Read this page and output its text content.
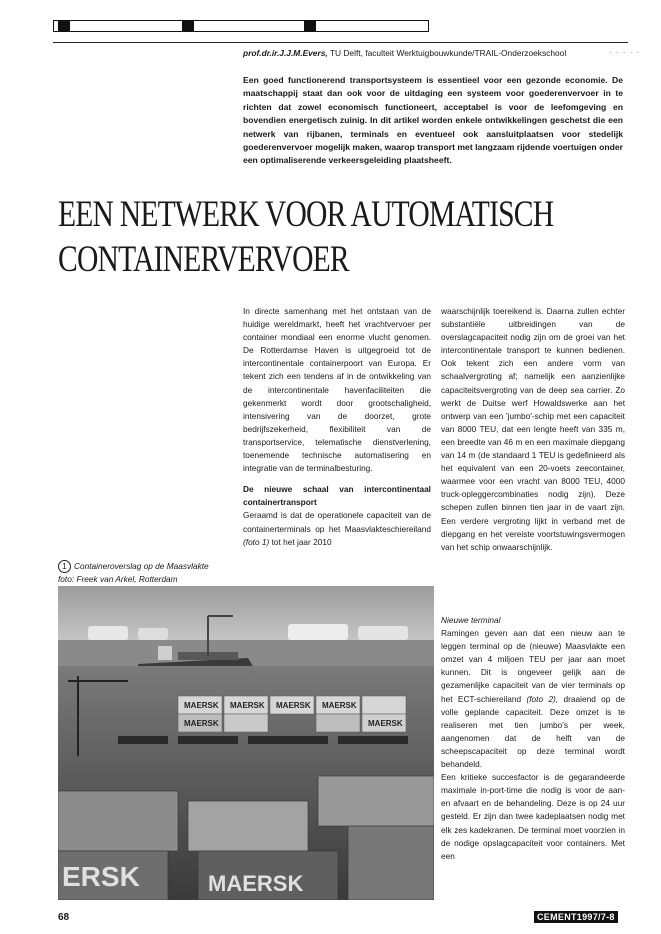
prof.dr.ir.J.J.M.Evers, TU Delft, faculteit Werktuigbouwkunde/TRAIL-Onderzoekschool	· · · · ·
Een goed functionerend transportsysteem is essentieel voor een gezonde economie. De maatschappij staat dan ook voor de uitdaging een systeem voor goederenvervoer in te richten dat zowel economisch functioneert, acceptabel is voor de leefomgeving en bovendien energetisch zuinig. In dit artikel worden enkele ontwikkelingen geschetst die een netwerk van rijbanen, terminals en eventueel ook aansluitplaatsen voor stedelijk goederenvervoer mogelijk maken, waarop transport met langzaam rijdende voertuigen onder een optimaliserende verkeersgeleiding plaatsheeft.
EEN NETWERK VOOR AUTOMATISCH
CONTAINERVERVOER

In directe samenhang met het ontstaan van de huidige wereldmarkt, heeft het vrachtvervoer per container mondiaal een enorme vlucht genomen. De Rotterdamse Haven is uitgegroeid tot de intercontinentale containerpoort van Europa. Er tekent zich een tendens af in de ontwikkeling van de intercontinentale havenfaciliteiten die gekenmerkt wordt door grootschaligheid, intensivering van de doorzet, grote bedrijfszekerheid, flexibiliteit van de transportservice, telematische dienstverlening, toenemende technische automatisering en integratie van de terminalbesturing.

De nieuwe schaal van intercontinentaal containertransport

Geraamd is dat de operationele capaciteit van de containerterminals op het Maasvlakteschiereiland (foto 1) tot het jaar 2010

waarschijnlijk toereikend is. Daarna zullen echter substantiële uitbreidingen van de overslagcapaciteit nodig zijn om de groei van het intercontinentale transport te kunnen bedienen. Ook tekent zich een andere vorm van schaalvergroting af; namelijk een aanzienlijke capaciteitsvergroting van de deep sea carrier. Zo werkt de Duitse werf Howaldswerke aan het ontwerp van een 'jumbo'-schip met een capaciteit van 8000 TEU, dat een lengte heeft van 335 m, een breedte van 46 m en een maximale diepgang van 14 m (de standaard 1 TEU is gedefinieerd als het equivalent van een 20-voets zeecontainer, waarmee voor een vracht van 8000 TEU, 4000 truck-opleggercombinaties nodig zijn). Deze schepen zullen binnen tien jaar in de vaart zijn. Een verdere vergroting lijkt in verband met de diepgang en het vereiste voortstuwingsvermogen van het schip onwaarschijnlijk.

Nieuwe terminal

Ramingen geven aan dat een nieuw aan te leggen terminal op de (nieuwe) Maasvlakte een omzet van 4 miljoen TEU per jaar aan moet kunnen. Dit is ongeveer gelijk aan de gezamenlijke capaciteit van de vier terminals op het ECT-schiereiland (foto 2), draaiend op de volle geplande capaciteit. Deze omzet is te realiseren met tien jumbo's per week, aangenomen dat de helft van de scheepscapaciteit op deze terminal wordt behandeld.

Een kritieke succesfactor is de gegarandeerde maximale in-port-time die nodig is voor de aan- en afvaart en de behandeling. Deze is op 24 uur gesteld. Er zijn dan twee kadeplaatsen nodig met elk zes kadekranen. De terminal moet voorzien in de nodige opslagcapaciteit voor containers. Met een

1 Containeroverslag op de Maasvlakte
foto: Freek van Arkel, Rotterdam
MAERSK MAERSK MAERSK MAERSK
MAERSK	MAERSK
ERSK	MAERSK
68	CEMENT1997/7-8
